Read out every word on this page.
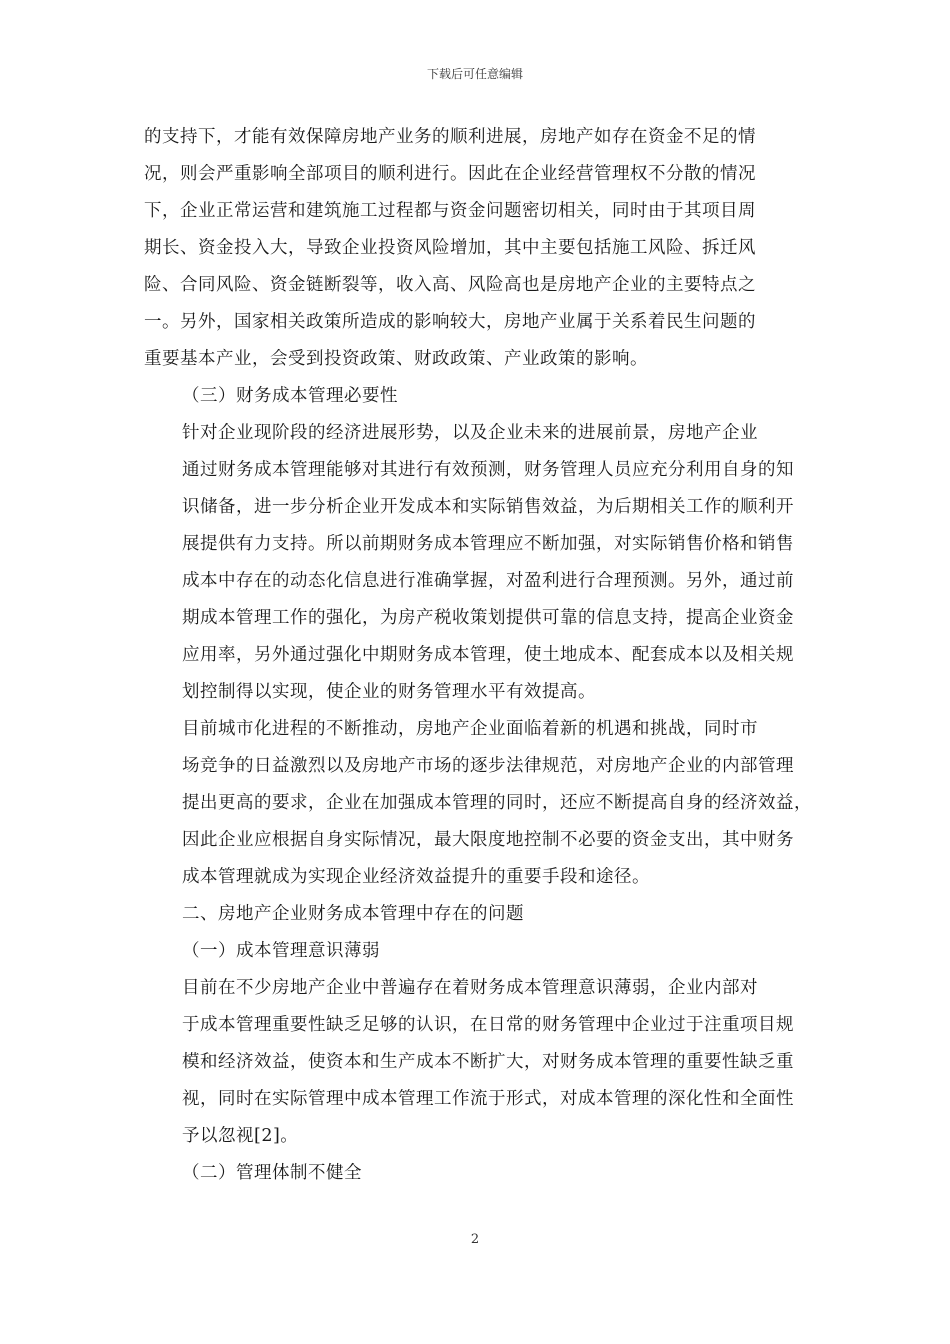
下载后可任意编辑

的支持下，才能有效保障房地产业务的顺利进展，房地产如存在资金不足的情
况，则会严重影响全部项目的顺利进行。因此在企业经营管理权不分散的情况
下，企业正常运营和建筑施工过程都与资金问题密切相关，同时由于其项目周
期长、资金投入大，导致企业投资风险增加，其中主要包括施工风险、拆迁风
险、合同风险、资金链断裂等，收入高、风险高也是房地产企业的主要特点之
一。另外，国家相关政策所造成的影响较大，房地产业属于关系着民生问题的
重要基本产业，会受到投资政策、财政政策、产业政策的影响。

（三）财务成本管理必要性

针对企业现阶段的经济进展形势，以及企业未来的进展前景，房地产企业
通过财务成本管理能够对其进行有效预测，财务管理人员应充分利用自身的知
识储备，进一步分析企业开发成本和实际销售效益，为后期相关工作的顺利开
展提供有力支持。所以前期财务成本管理应不断加强，对实际销售价格和销售
成本中存在的动态化信息进行准确掌握，对盈利进行合理预测。另外，通过前
期成本管理工作的强化，为房产税收策划提供可靠的信息支持，提高企业资金
应用率，另外通过强化中期财务成本管理，使土地成本、配套成本以及相关规
划控制得以实现，使企业的财务管理水平有效提高。

目前城市化进程的不断推动，房地产企业面临着新的机遇和挑战，同时市
场竞争的日益激烈以及房地产市场的逐步法律规范，对房地产企业的内部管理
提出更高的要求，企业在加强成本管理的同时，还应不断提高自身的经济效益，
因此企业应根据自身实际情况，最大限度地控制不必要的资金支出，其中财务
成本管理就成为实现企业经济效益提升的重要手段和途径。

二、房地产企业财务成本管理中存在的问题

（一）成本管理意识薄弱

目前在不少房地产企业中普遍存在着财务成本管理意识薄弱，企业内部对
于成本管理重要性缺乏足够的认识，在日常的财务管理中企业过于注重项目规
模和经济效益，使资本和生产成本不断扩大，对财务成本管理的重要性缺乏重
视，同时在实际管理中成本管理工作流于形式，对成本管理的深化性和全面性
予以忽视[2]。

（二）管理体制不健全

2
